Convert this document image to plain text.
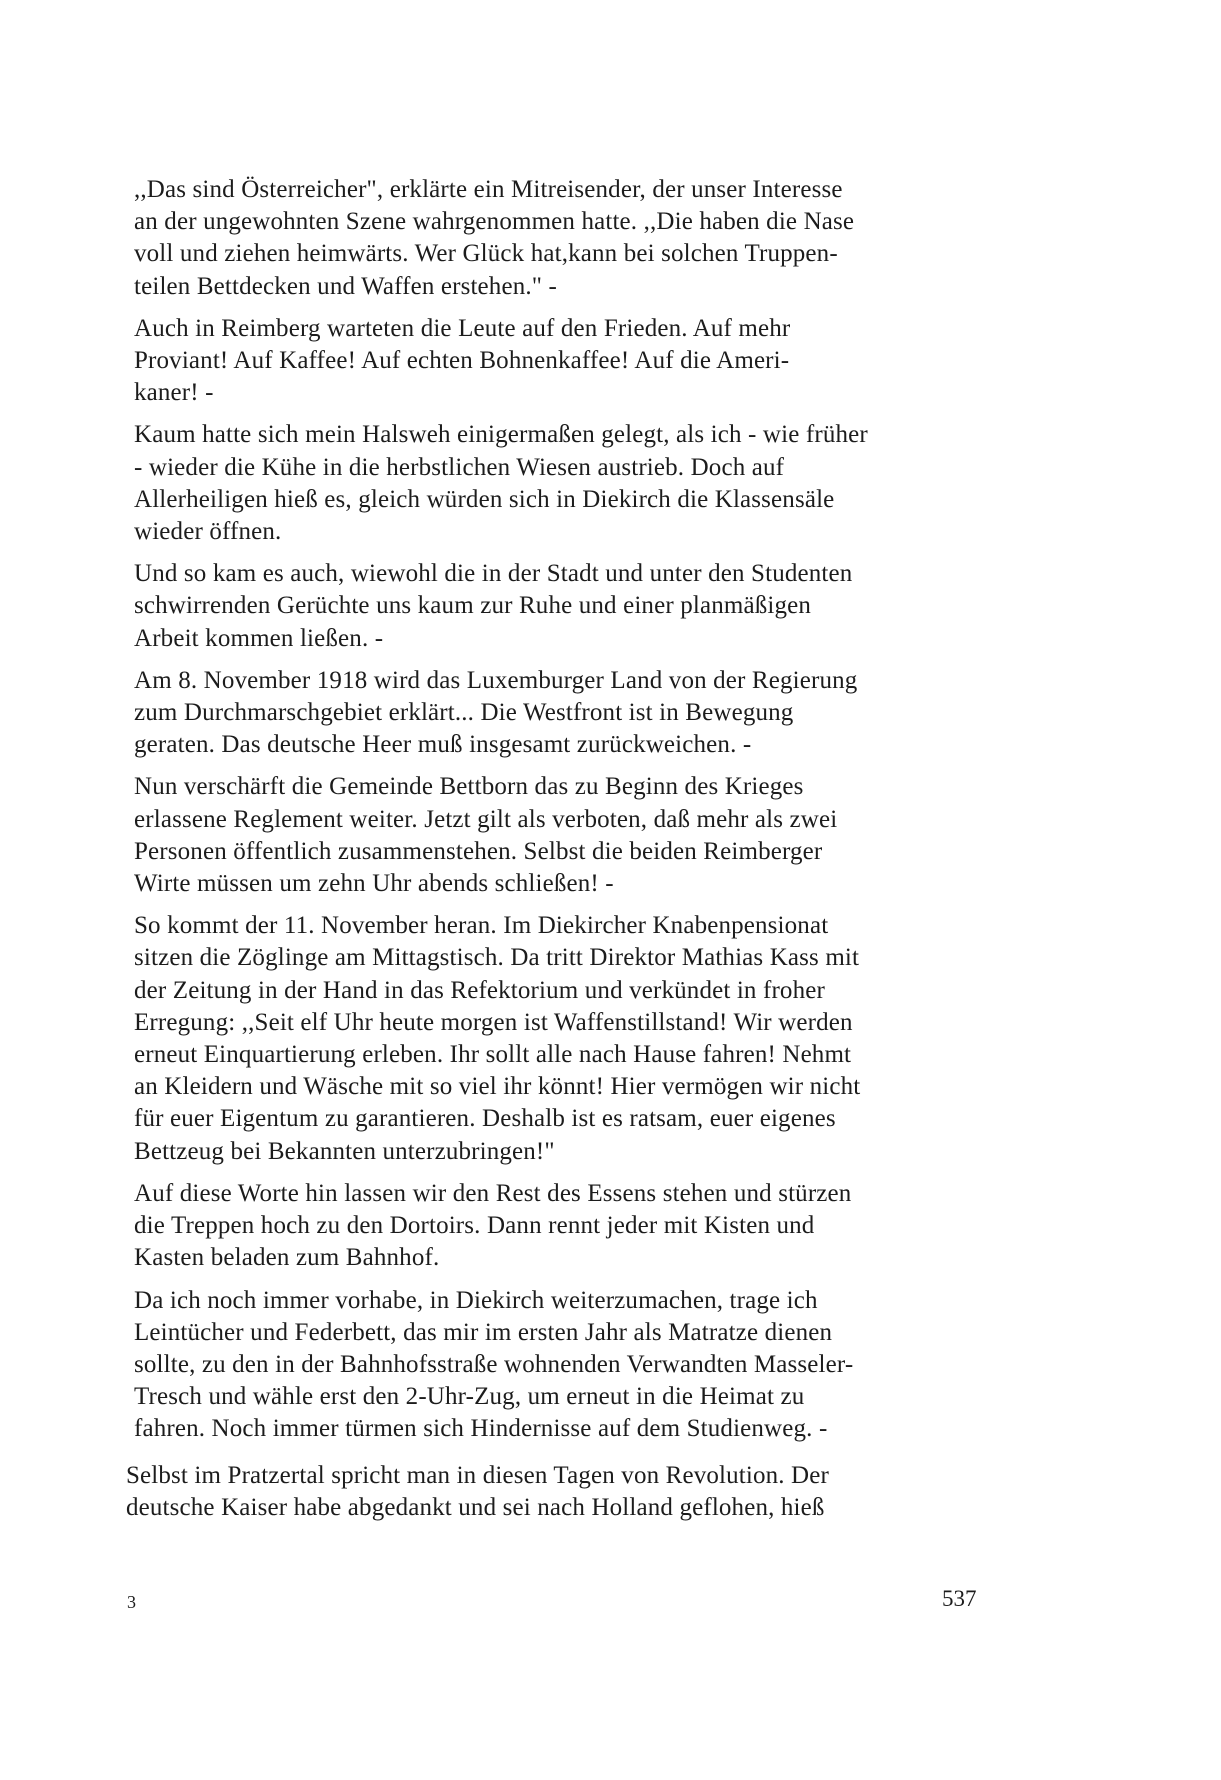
,,Das sind Österreicher", erklärte ein Mitreisender, der unser Interesse
an der ungewohnten Szene wahrgenommen hatte. ,,Die haben die Nase
voll und ziehen heimwärts. Wer Glück hat,kann bei solchen Truppen-
teilen Bettdecken und Waffen erstehen." -

Auch in Reimberg warteten die Leute auf den Frieden. Auf mehr
Proviant! Auf Kaffee! Auf echten Bohnenkaffee! Auf die Ameri-
kaner! -

Kaum hatte sich mein Halsweh einigermaßen gelegt, als ich - wie früher
- wieder die Kühe in die herbstlichen Wiesen austrieb. Doch auf
Allerheiligen hieß es, gleich würden sich in Diekirch die Klassensäle
wieder öffnen.

Und so kam es auch, wiewohl die in der Stadt und unter den Studenten
schwirrenden Gerüchte uns kaum zur Ruhe und einer planmäßigen
Arbeit kommen ließen. -

Am 8. November 1918 wird das Luxemburger Land von der Regierung
zum Durchmarschgebiet erklärt... Die Westfront ist in Bewegung
geraten. Das deutsche Heer muß insgesamt zurückweichen. -

Nun verschärft die Gemeinde Bettborn das zu Beginn des Krieges
erlassene Reglement weiter. Jetzt gilt als verboten, daß mehr als zwei
Personen öffentlich zusammenstehen. Selbst die beiden Reimberger
Wirte müssen um zehn Uhr abends schließen! -

So kommt der 11. November heran. Im Diekircher Knabenpensionat
sitzen die Zöglinge am Mittagstisch. Da tritt Direktor Mathias Kass mit
der Zeitung in der Hand in das Refektorium und verkündet in froher
Erregung: ,,Seit elf Uhr heute morgen ist Waffenstillstand! Wir werden
erneut Einquartierung erleben. Ihr sollt alle nach Hause fahren! Nehmt
an Kleidern und Wäsche mit so viel ihr könnt! Hier vermögen wir nicht
für euer Eigentum zu garantieren. Deshalb ist es ratsam, euer eigenes
Bettzeug bei Bekannten unterzubringen!"

Auf diese Worte hin lassen wir den Rest des Essens stehen und stürzen
die Treppen hoch zu den Dortoirs. Dann rennt jeder mit Kisten und
Kasten beladen zum Bahnhof.

Da ich noch immer vorhabe, in Diekirch weiterzumachen, trage ich
Leintücher und Federbett, das mir im ersten Jahr als Matratze dienen
sollte, zu den in der Bahnhofsstraße wohnenden Verwandten Masseler-
Tresch und wähle erst den 2-Uhr-Zug, um erneut in die Heimat zu
fahren. Noch immer türmen sich Hindernisse auf dem Studienweg. -

Selbst im Pratzertal spricht man in diesen Tagen von Revolution. Der
deutsche Kaiser habe abgedankt und sei nach Holland geflohen, hieß

3	537
